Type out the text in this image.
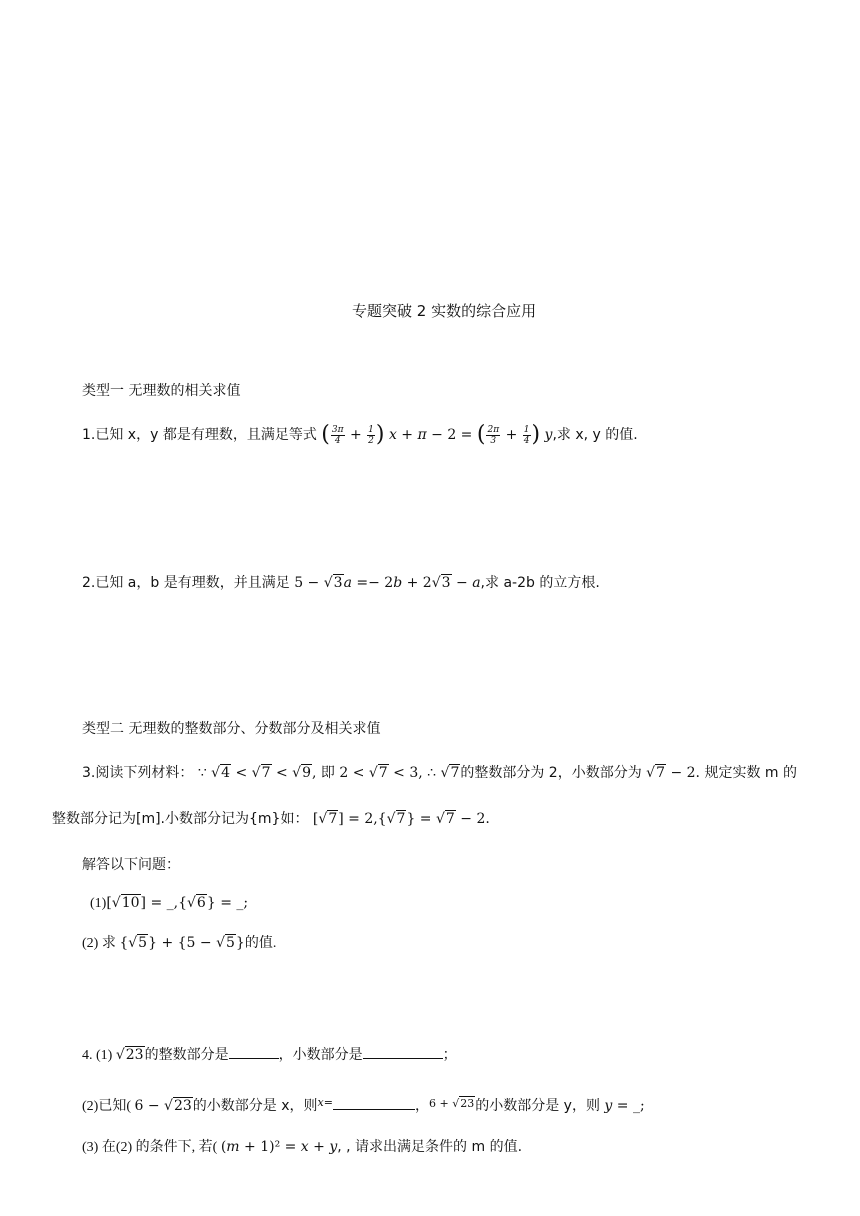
专题突破 2 实数的综合应用
类型一 无理数的相关求值
1.已知 x，y 都是有理数，且满足等式 ( $\frac{3\pi}{4} + \frac{1}{2}$ ) x + π − 2 = ( $\frac{2\pi}{3} + \frac{1}{4}$ ) y,求 x, y 的值.
2.已知 a，b 是有理数，并且满足 5 − √3a =− 2b + 2√3 − a,求 a-2b 的立方根.
类型二 无理数的整数部分、分数部分及相关求值
3.阅读下列材料： ∵ √4 < √7 < √9, 即 2 < √7 < 3, ∴ √7的整数部分为 2，小数部分为 √7 − 2. 规定实数 m 的
整数部分记为[m].小数部分记为{m}如： [√7] = 2,{√7} = √7 − 2.
解答以下问题：
(1)[√10] = _,{√6} = _;
(2) 求 {√5} + {5 − √5}的值.
4. (1) √23的整数部分是	，小数部分是	；
(2)已知( 6 − √23的小数部分是 x，则$^{x=}$	，$^{6 + √23}$的小数部分是 y，则 y = _;
(3) 在(2) 的条件下, 若( (m + 1)² = x + y, , 请求出满足条件的 m 的值.
